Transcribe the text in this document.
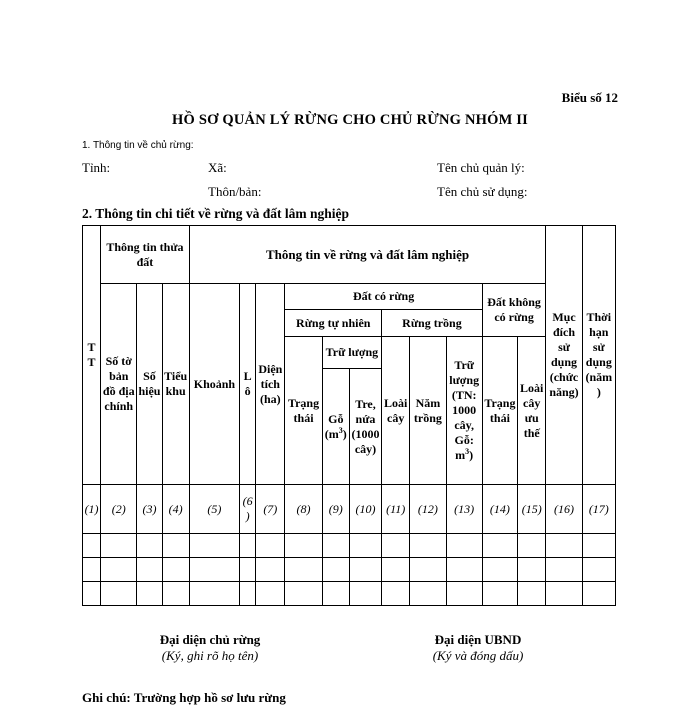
Biểu số 12
HỒ SƠ QUẢN LÝ RỪNG CHO CHỦ RỪNG NHÓM II
1. Thông tin về chủ rừng:
Tỉnh:	Xã:	Tên chủ quản lý:
Thôn/bản:	Tên chủ sử dụng:
2. Thông tin chi tiết về rừng và đất lâm nghiệp
TT	Thông tin thửa đất			Thông tin về rừng và đất lâm nghiệp											Mục đích sử dụng (chức năng)	Thời hạn sử dụng (năm)
	Số tờ bản đồ địa chính	Số hiệu	Tiểu khu	Khoảnh	Lô	Diện tích (ha)	Đất có rừng						Đất không có rừng			
							Rừng tự nhiên			Rừng trồng						
							Trạng thái	Trữ lượng		Loài cây	Năm trồng	Trữ lượng (TN: 1000 cây, Gỗ: $m^3$)	Trạng thái	Loài cây ưu thế		
								Gỗ $(m^3)$	Tre, nứa (1000 cây)							
(1)	(2)	(3)	(4)	(5)	(6)	(7)	(8)	(9)	(10)	(11)	(12)	(13)	(14)	(15)	(16)	(17)

Đại diện chủ rừng
(Ký, ghi rõ họ tên)
Đại diện UBND
(Ký và đóng dấu)
Ghi chú: Trường hợp hồ sơ lưu rừng
